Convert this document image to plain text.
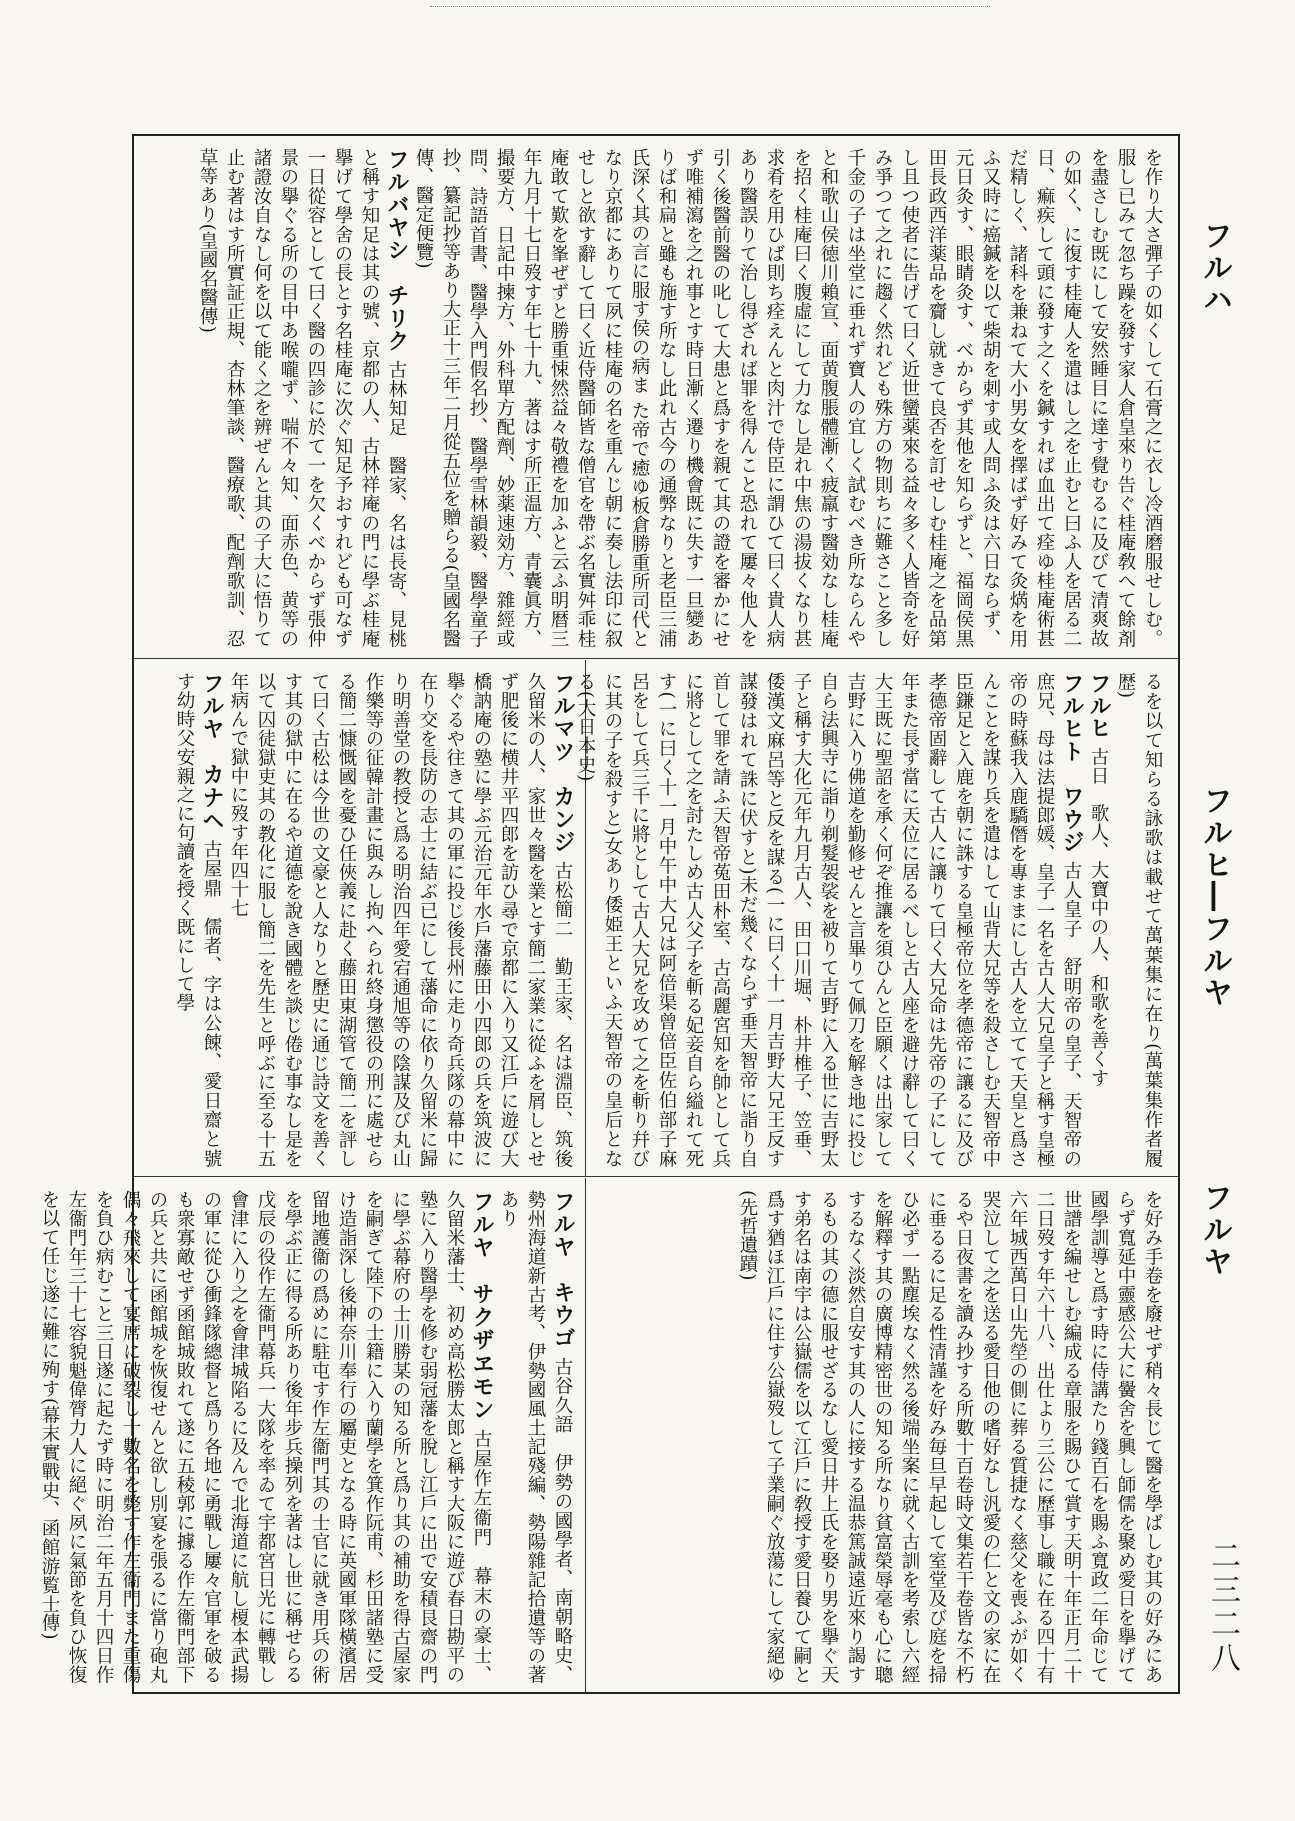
フルハ
フルヒ―フルヤ
フルヤ
を作り大さ彈子の如くして石膏之に衣し冷酒磨服せしむ。服し已みて忽ち躁を發す家人倉皇來り告ぐ桂庵敎へて餘剤を盡さしむ既にして安然睡目に達す覺むるに及びて清爽故の如く、に復す桂庵人を遣はし之を止むと曰ふ人を居る二日、痲疾して頭に發す之くを鍼すれば血出て痊ゆ桂庵術甚だ精しく、諸科を兼ねて大小男女を擇ばず好みて灸焫を用ふ又時に癌鍼を以て柴胡を刺す或人問ふ灸は六日ならず、元日灸す、眼睛灸す、べからず其他を知らずと、福岡侯黒田長政西洋薬品を齎し就きて良否を訂せしむ桂庵之を品第し且つ使者に告げて曰く近世蠻薬來る益々多く人皆奇を好み爭つて之れに趨く然れども殊方の物則ちに難さこと多し千金の子は坐堂に垂れず寶人の宜しく試むべき所ならんやと和歌山侯徳川賴宣、面黄腹脹體漸く疲羸す醫効なし桂庵を招く桂庵曰く腹虛にして力なし是れ中焦の湯拔くなり甚求肴を用ひば則ち痊えんと肉汁で侍臣に謂ひて曰く貴人病あり醫誤りて治し得ざれば罪を得んこと恐れて屢々他人を引く後醫前醫の叱して大患と爲すを親て其の證を審かにせず唯補瀉を之れ事とす時日漸く遷り機會既に失す一旦變ありば和扁と雖も施す所なし此れ古今の通弊なりと老臣三浦氏深く其の言に服す侯の病ま た帝で癒ゆ板倉勝重所司代となり京都にありて夙に桂庵の名を重んじ朝に奏し法印に叙せしと欲す辭して曰く近侍醫師皆な僧官を帶ぶ名實舛乖桂庵敢て歎を峯ぜずと勝重悚然益々敬禮を加ふと云ふ明暦三年九月十七日歿す年七十九、著はす所正温方、青囊眞方、撮要方、日記中揀方、外科單方配劑、妙薬速効方、雜經或問、詩語首書、醫學入門假名抄、醫學雪林韻毅、醫學童子抄、纂記抄等あり大正十三年二月從五位を贈らる(皇國名醫傳、醫定便覽)
フルバヤシ　チリク古林知足　醫家、名は長寄、見桃と稱す知足は其の號、京都の人、古林祥庵の門に學ぶ桂庵擧げて學舍の長とす名桂庵に次ぐ知足予おすれども可なず一日從容として曰く醫の四診に於て一を欠くべからず張仲景の擧ぐる所の目中あ喉嚨ず、喘不々知、面赤色、黄等の諸證汝自なし何を以て能く之を辨ぜんと其の子大に悟りて止む著はす所實証正規、杏林筆談、醫療歌、配劑歌訓、忍草等あり(皇國名醫傳)
るを以て知らる詠歌は載せて萬葉集に在り(萬葉集作者履歴)
フルヒ古日　歌人、大寶中の人、和歌を善くす
フルヒト　ワウジ古人皇子　舒明帝の皇子、天智帝の庶兄、母は法提郎媛、皇子一名を古人大兄皇子と稱す皇極帝の時蘇我入鹿驕僭を專ままにし古人を立てて天皇と爲さんことを謀り兵を遣はして山背大兄等を殺さしむ天智帝中臣鎌足と入鹿を朝に誅する皇極帝位を孝德帝に讓るに及び孝德帝固辭して古人に讓りて曰く大兄命は先帝の子にして年また長ず當に天位に居るべしと古人座を避け辭して曰く大王既に聖詔を承く何ぞ推讓を須ひんと臣願くは出家して吉野に入り佛道を勤修せんと言畢りて佩刀を解き地に投じ自ら法興寺に詣り剃髮袈裟を被りて吉野に入る世に吉野太子と稱す大化元年九月古人、田口川堀、朴井椎子、笠垂、倭漢文麻呂等と反を謀る(一に曰く十一月吉野大兄王反す謀發はれて誅に伏すと)未だ幾くならず垂天智帝に詣り自首して罪を請ふ天智帝菟田朴室、古高麗宮知を帥として兵に將として之を討たしめ古人父子を斬る妃妾自ら縊れて死す(一に曰く十一月中午中大兄は阿倍渠曾倍臣佐伯部子麻呂をして兵三千に將として古人大兄を攻めて之を斬り幷びに其の子を殺すと)女あり倭姫王といふ天智帝の皇后となる(大日本史)
フルマツ　カンジ古松簡二　勤王家、名は淵臣、筑後久留米の人、家世々醫を業とす簡二家業に從ふを屑しとせず肥後に横井平四郎を訪ひ尋で京都に入り又江戶に遊び大橋訥庵の塾に學ぶ元治元年水戶藩藤田小四郎の兵を筑波に擧ぐるや往きて其の軍に投じ後長州に走り奇兵隊の幕中に在り交を長防の志士に結ぶ已にして藩命に依り久留米に歸り明善堂の教授と爲る明治四年愛宕通旭等の陰謀及び丸山作樂等の征韓計畫に與みし拘へられ終身懲役の刑に處せらる簡二慷慨國を憂ひ任俠義に赴く藤田東湖管て簡二を評して曰く古松は今世の文豪と人なりと歷史に通じ詩文を善くす其の獄中に在るや道德を說き國體を談じ倦む事なし是を以て囚徒獄吏其の教化に服し簡二を先生と呼ぶに至る十五年病んで獄中に歿す年四十七
フルヤ　カナヘ古屋鼎　儒者、字は公餗、愛日齋と號す幼時父安親之に句讀を授く既にして學
を好み手卷を廢せず稍々長じて醫を學ばしむ其の好みにあらず寬延中靈感公大に黌舍を興し師儒を聚め愛日を擧げて國學訓導と爲す時に侍講たり錢百石を賜ふ寬政二年命じて世譜を編せしむ編成る章服を賜ひて賞す天明十年正月二十二日歿す年六十八、出仕より三公に歷事し職に在る四十有六年城西萬日山先塋の側に葬る質捷なく慈父を喪ふが如く哭泣して之を送る愛日他の嗜好なし汎愛の仁と文の家に在るや日夜書を讀み抄する所數十百卷時文集若干卷皆な不朽に垂るるに足る性清謹を好み毎旦早起して室堂及び庭を掃ひ必ず一點塵埃なく然る後端坐案に就く古訓を考索し六經を解釋す其の廣博精密世の知る所なり貧富榮辱毫も心に聰するなく淡然自安す其の人に接する温恭篤誠遠近來り謁するもの其の德に服せざるなし愛日井上氏を娶り男を擧ぐ天す弟名は南宇は公嶽儒を以て江戶に敎授す愛日養ひて嗣と爲す猶ほ江戶に住す公嶽歿して子業嗣ぐ放蕩にして家絕ゆ(先哲遺蹟)
フルヤ　キウゴ古谷久語　伊勢の國學者、南朝略史、勢州海道新古考、伊勢國風土記殘編、勢陽雜記拾遺等の著あり
フルヤ　サクザヱモン古屋作左衞門　幕末の豪士、久留米藩士、初め高松勝太郎と稱す大阪に遊び春日勘平の塾に入り醫學を修む弱冠藩を脫し江戶に出で安積艮齋の門に學ぶ幕府の士川勝某の知る所と爲り其の補助を得古屋家を嗣ぎて陸下の士籍に入り蘭學を箕作阮甫、杉田諸塾に受け造詣深し後神奈川奉行の屬吏となる時に英國軍隊橫濱居留地護衞の爲めに駐屯す作左衞門其の士官に就き用兵の術を學ぶ正に得る所あり後年步兵操列を著はし世に稱せらる戊辰の役作左衞門幕兵一大隊を率ゐて宇都宮日光に轉戰し會津に入り之を會津城陷るに及んで北海道に航し榎本武揚の軍に從ひ衝鋒隊總督と爲り各地に勇戰し屢々官軍を破るも衆寡敵せず函館城敗れて遂に五稜郭に據る作左衞門部下の兵と共に函館城を恢復せんと欲し別宴を張るに當り砲丸偶々飛來して宴席に破裂し十數名を斃す作左衞門また重傷を負ひ病むこと三日遂に起たず時に明治二年五月十四日作左衞門年三十七容貌魁偉膂力人に絕ぐ夙に氣節を負ひ恢復を以て任じ遂に難に殉す(幕末實戰史、函館游覧士傳)	二三二八
